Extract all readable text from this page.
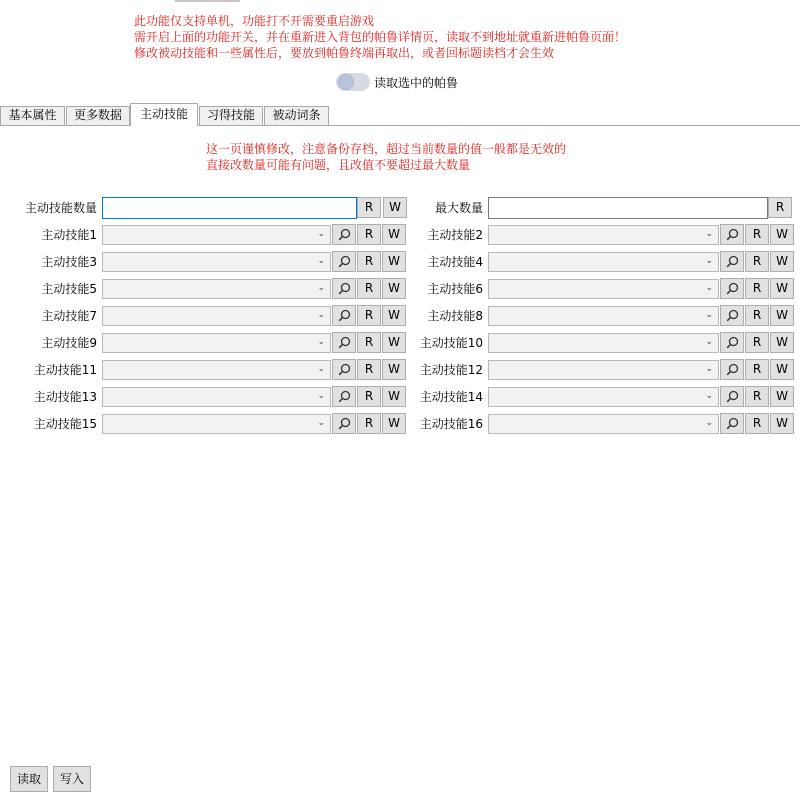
此功能仅支持单机，功能打不开需要重启游戏
需开启上面的功能开关，并在重新进入背包的帕鲁详情页，读取不到地址就重新进帕鲁页面！
修改被动技能和一些属性后，要放到帕鲁终端再取出，或者回标题读档才会生效
读取选中的帕鲁
基本属性	更多数据	主动技能	习得技能	被动词条
这一页谨慎修改，注意备份存档，超过当前数量的值一般都是无效的
直接改数量可能有问题，且改值不要超过最大数量
主动技能数量	R	W	最大数量	R
主动技能1	⌄	R	W	主动技能2	⌄	R	W
主动技能3	⌄	R	W	主动技能4	⌄	R	W
主动技能5	⌄	R	W	主动技能6	⌄	R	W
主动技能7	⌄	R	W	主动技能8	⌄	R	W
主动技能9	⌄	R	W	主动技能10	⌄	R	W
主动技能11	⌄	R	W	主动技能12	⌄	R	W
主动技能13	⌄	R	W	主动技能14	⌄	R	W
主动技能15	⌄	R	W	主动技能16	⌄	R	W
读取	写入
